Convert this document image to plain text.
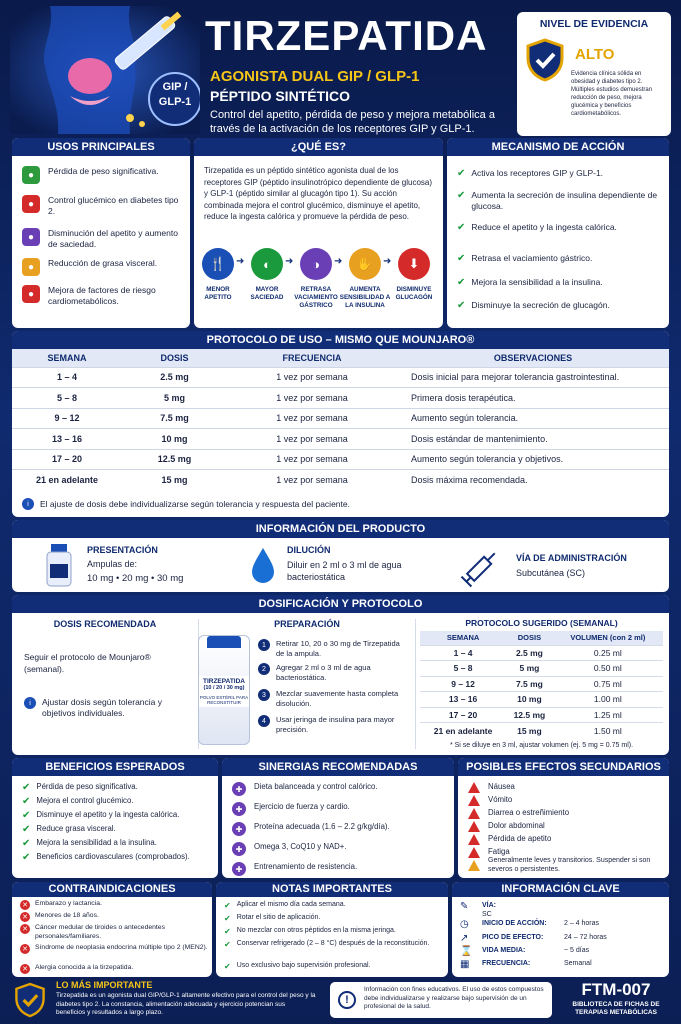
GIP /
GLP-1
TIRZEPATIDA
AGONISTA DUAL GIP / GLP-1
PÉPTIDO SINTÉTICO
Control del apetito, pérdida de peso y mejora metabólica a través de la activación de los receptores GIP y GLP-1.
NIVEL DE EVIDENCIA
ALTO

Evidencia clínica sólida en obesidad y diabetes tipo 2. Múltiples estudios demuestran reducción de peso, mejora glucémica y beneficios cardiometabólicos.

USOS PRINCIPALES
●	Pérdida de peso significativa.
●	Control glucémico en diabetes tipo 2.
●	Disminución del apetito y aumento de saciedad.
●	Reducción de grasa visceral.
●	Mejora de factores de riesgo cardiometabólicos.
¿QUÉ ES?
Tirzepatida es un péptido sintético agonista dual de los receptores GIP (péptido insulinotrópico dependiente de glucosa) y GLP-1 (péptido similar al glucagón tipo 1). Su acción combinada mejora el control glucémico, disminuye el apetito, reduce la ingesta calórica y promueve la pérdida de peso.
🍴 ➜
MENOR APETITO
◐	➜
MAYOR SACIEDAD
◑	➜
RETRASA VACIAMIENTO GÁSTRICO
✋ ➜
AUMENTA SENSIBILIDAD A LA INSULINA
⬇
DISMINUYE GLUCAGÓN
MECANISMO DE ACCIÓN
✔ Activa los receptores GIP y GLP-1.
✔ Aumenta la secreción de insulina dependiente de glucosa.
✔ Reduce el apetito y la ingesta calórica.
✔ Retrasa el vaciamiento gástrico.
✔ Mejora la sensibilidad a la insulina.
✔ Disminuye la secreción de glucagón.
PROTOCOLO DE USO – MISMO QUE MOUNJARO®
SEMANA	DOSIS	FRECUENCIA	OBSERVACIONES
1 – 4	2.5 mg	1 vez por semana	Dosis inicial para mejorar tolerancia gastrointestinal.
5 – 8	5 mg	1 vez por semana	Primera dosis terapéutica.
9 – 12	7.5 mg	1 vez por semana	Aumento según tolerancia.
13 – 16	10 mg	1 vez por semana	Dosis estándar de mantenimiento.
17 – 20	12.5 mg	1 vez por semana	Aumento según tolerancia y objetivos.
21 en adelante	15 mg	1 vez por semana	Dosis máxima recomendada.
i	El ajuste de dosis debe individualizarse según tolerancia y respuesta del paciente.
INFORMACIÓN DEL PRODUCTO
PRESENTACIÓN
Ampulas de:
10 mg • 20 mg • 30 mg
DILUCIÓN
Diluir en 2 ml o 3 ml de agua bacteriostática
VÍA DE ADMINISTRACIÓN
Subcutánea (SC)
DOSIFICACIÓN Y PROTOCOLO
DOSIS RECOMENDADA
Seguir el protocolo de Mounjaro® (semanal).
i	Ajustar dosis según tolerancia y objetivos individuales.
PREPARACIÓN
TIRZEPATIDA
(10 / 20 / 30 mg)
POLVO ESTÉRIL PARA RECONSTITUIR
1	Retirar 10, 20 o 30 mg de Tirzepatida de la ampula.
2	Agregar 2 ml o 3 ml de agua bacteriostática.
3	Mezclar suavemente hasta completa disolución.
4	Usar jeringa de insulina para mayor precisión.
PROTOCOLO SUGERIDO (SEMANAL)
SEMANA	DOSIS	VOLUMEN (con 2 ml)
1 – 4	2.5 mg	0.25 ml
5 – 8	5 mg	0.50 ml
9 – 12	7.5 mg	0.75 ml
13 – 16	10 mg	1.00 ml
17 – 20	12.5 mg	1.25 ml
21 en adelante	15 mg	1.50 ml
* Si se diluye en 3 ml, ajustar volumen (ej. 5 mg = 0.75 ml).
BENEFICIOS ESPERADOS
✔ Pérdida de peso significativa.
✔ Mejora el control glucémico.
✔ Disminuye el apetito y la ingesta calórica.
✔ Reduce grasa visceral.
✔ Mejora la sensibilidad a la insulina.
✔ Beneficios cardiovasculares (comprobados).
SINERGIAS RECOMENDADAS
✚	Dieta balanceada y control calórico.
✚	Ejercicio de fuerza y cardio.
✚	Proteína adecuada (1.6 – 2.2 g/kg/día).
✚	Omega 3, CoQ10 y NAD+.
✚	Entrenamiento de resistencia.
POSIBLES EFECTOS SECUNDARIOS
Náusea
Vómito
Diarrea o estreñimiento
Dolor abdominal
Pérdida de apetito
Fatiga
Generalmente leves y transitorios. Suspender si son severos o persistentes.
CONTRAINDICACIONES
✕	Embarazo y lactancia.
✕	Menores de 18 años.
✕	Cáncer medular de tiroides o antecedentes personales/familiares.
✕	Síndrome de neoplasia endocrina múltiple tipo 2 (MEN2).
✕	Alergia conocida a la tirzepatida.
NOTAS IMPORTANTES
✔ Aplicar el mismo día cada semana.
✔ Rotar el sitio de aplicación.
✔ No mezclar con otros péptidos en la misma jeringa.
✔ Conservar refrigerado (2 – 8 °C) después de la reconstitución.
✔ Uso exclusivo bajo supervisión profesional.
INFORMACIÓN CLAVE
✎ VÍA:
SC
◷ INICIO DE ACCIÓN: 2 – 4 horas
↗ PICO DE EFECTO:	24 – 72 horas
⌛ VIDA MEDIA:	~ 5 días
▦ FRECUENCIA:	Semanal
LO MÁS IMPORTANTE
Tirzepatida es un agonista dual GIP/GLP-1 altamente efectivo para el control del peso y la diabetes tipo 2. La constancia, alimentación adecuada y ejercicio potencian sus beneficios y resultados a largo plazo.
!
Información con fines educativos. El uso de estos compuestos debe individualizarse y realizarse bajo supervisión de un profesional de la salud.
FTM-007
BIBLIOTECA DE FICHAS DE TERAPIAS METABÓLICAS
